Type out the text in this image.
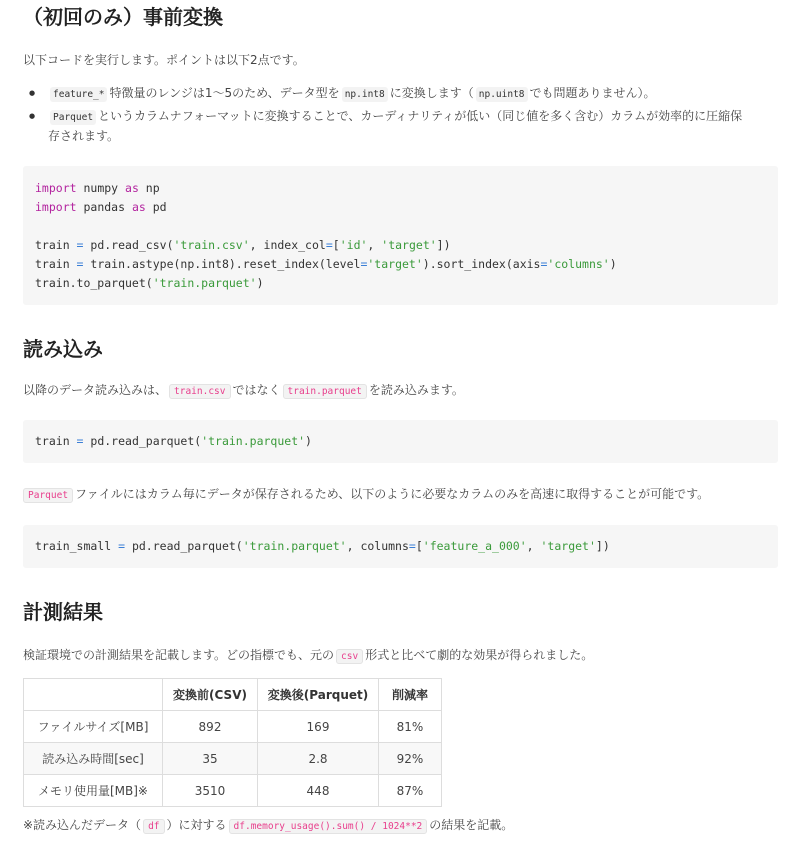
（初回のみ）事前変換

以下コードを実行します。ポイントは以下2点です。

● feature_* 特徴量のレンジは1〜5のため、データ型を np.int8 に変換します（ np.uint8 でも問題ありません）。
● Parquet というカラムナフォーマットに変換することで、カーディナリティが低い（同じ値を多く含む）カラムが効率的に圧縮保
存されます。
import numpy as np
import pandas as pd

train = pd.read_csv('train.csv', index_col=['id', 'target'])
train = train.astype(np.int8).reset_index(level='target').sort_index(axis='columns')
train.to_parquet('train.parquet')
読み込み

以降のデータ読み込みは、 train.csv ではなく train.parquet を読み込みます。

train = pd.read_parquet('train.parquet')

Parquet ファイルにはカラム毎にデータが保存されるため、以下のように必要なカラムのみを高速に取得することが可能です。

train_small = pd.read_parquet('train.parquet', columns=['feature_a_000', 'target'])
計測結果

検証環境での計測結果を記載します。どの指標でも、元の csv 形式と比べて劇的な効果が得られました。

	変換前(CSV)	変換後(Parquet)	削減率
ファイルサイズ[MB]	892	169	81%
読み込み時間[sec]	35	2.8	92%
メモリ使用量[MB]※	3510	448	87%

※読み込んだデータ（ df ）に対する df.memory_usage().sum() / 1024**2 の結果を記載。
